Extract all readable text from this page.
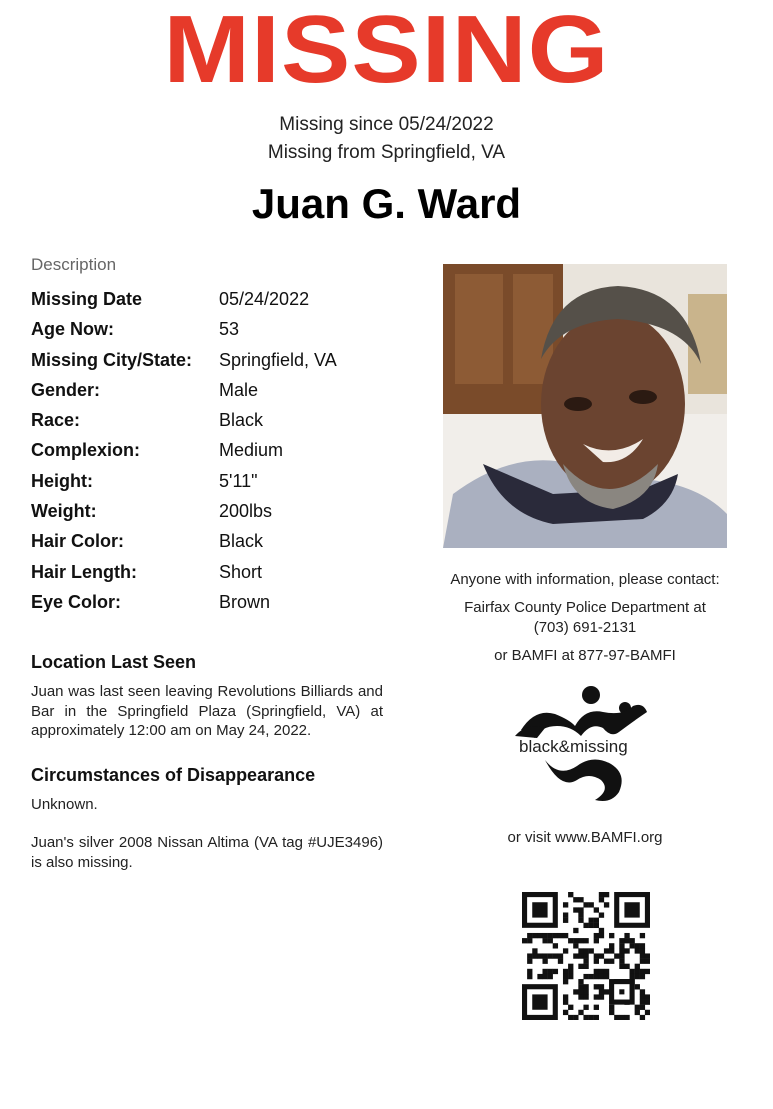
MISSING
Missing since 05/24/2022
Missing from Springfield, VA
Juan G. Ward
Description
Missing Date	05/24/2022
Age Now:	53
Missing City/State: Springfield, VA
Gender:	Male
Race:	Black
Complexion:	Medium
Height:	5'11"
Weight:	200lbs
Hair Color:	Black
Hair Length:	Short
Eye Color:	Brown
Location Last Seen
Juan was last seen leaving Revolutions Billiards and Bar in the Springfield Plaza (Springfield, VA) at approximately 12:00 am on May 24, 2022.
Circumstances of Disappearance
Unknown.
Juan's silver 2008 Nissan Altima (VA tag #UJE3496) is also missing.
Anyone with information, please contact:
Fairfax County Police Department at
(703) 691-2131
or BAMFI at 877-97-BAMFI
black&missing
or visit www.BAMFI.org
